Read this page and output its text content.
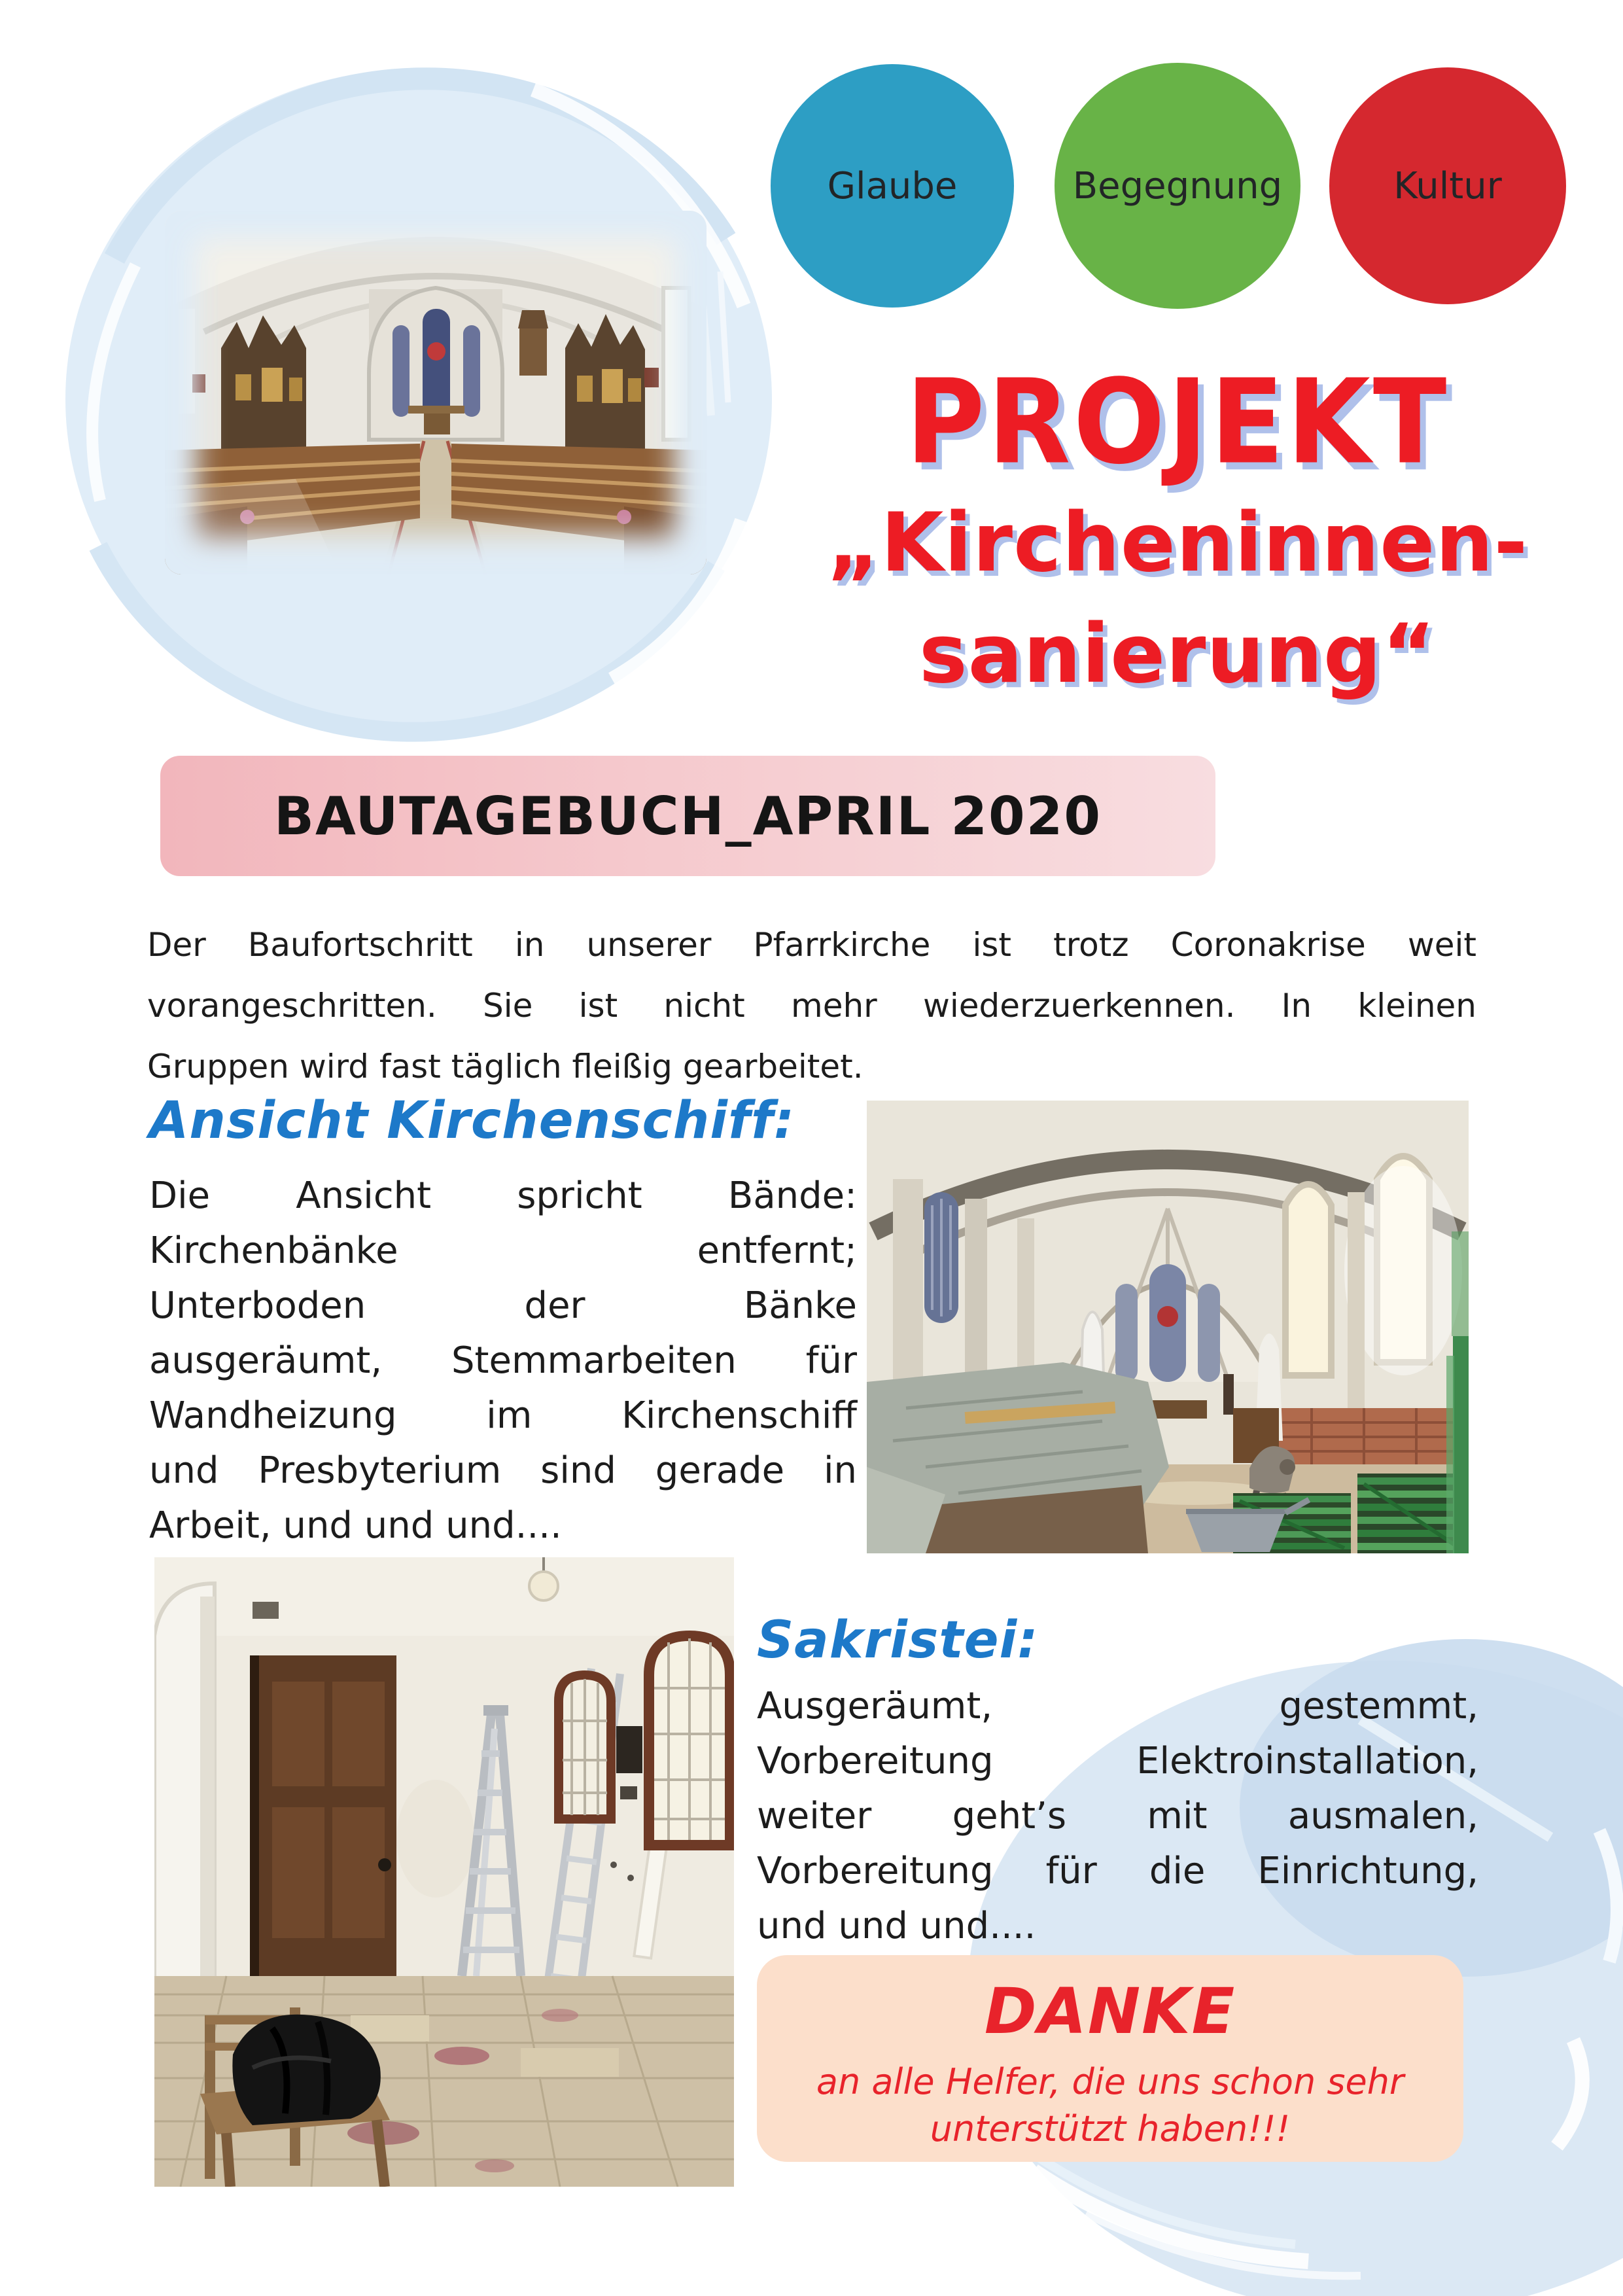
Glaube	Begegnung	Kultur
PROJEKT
„Kircheninnen-
sanierung“
BAUTAGEBUCH_APRIL 2020
Der Baufortschritt in unserer Pfarrkirche ist trotz Coronakrise weit
vorangeschritten. Sie ist nicht mehr wiederzuerkennen. In kleinen
Gruppen wird fast täglich fleißig gearbeitet.
Ansicht Kirchenschiff:
Die Ansicht spricht Bände:
Kirchenbänke entfernt;
Unterboden der Bänke
ausgeräumt, Stemmarbeiten für
Wandheizung im Kirchenschiff
und Presbyterium sind gerade in
Arbeit, und und und....
Sakristei:
Ausgeräumt, gestemmt,
Vorbereitung Elektroinstallation,
weiter geht’s mit ausmalen,
Vorbereitung für die Einrichtung,
und und und....
DANKE
an alle Helfer, die uns schon sehr
unterstützt haben!!!
